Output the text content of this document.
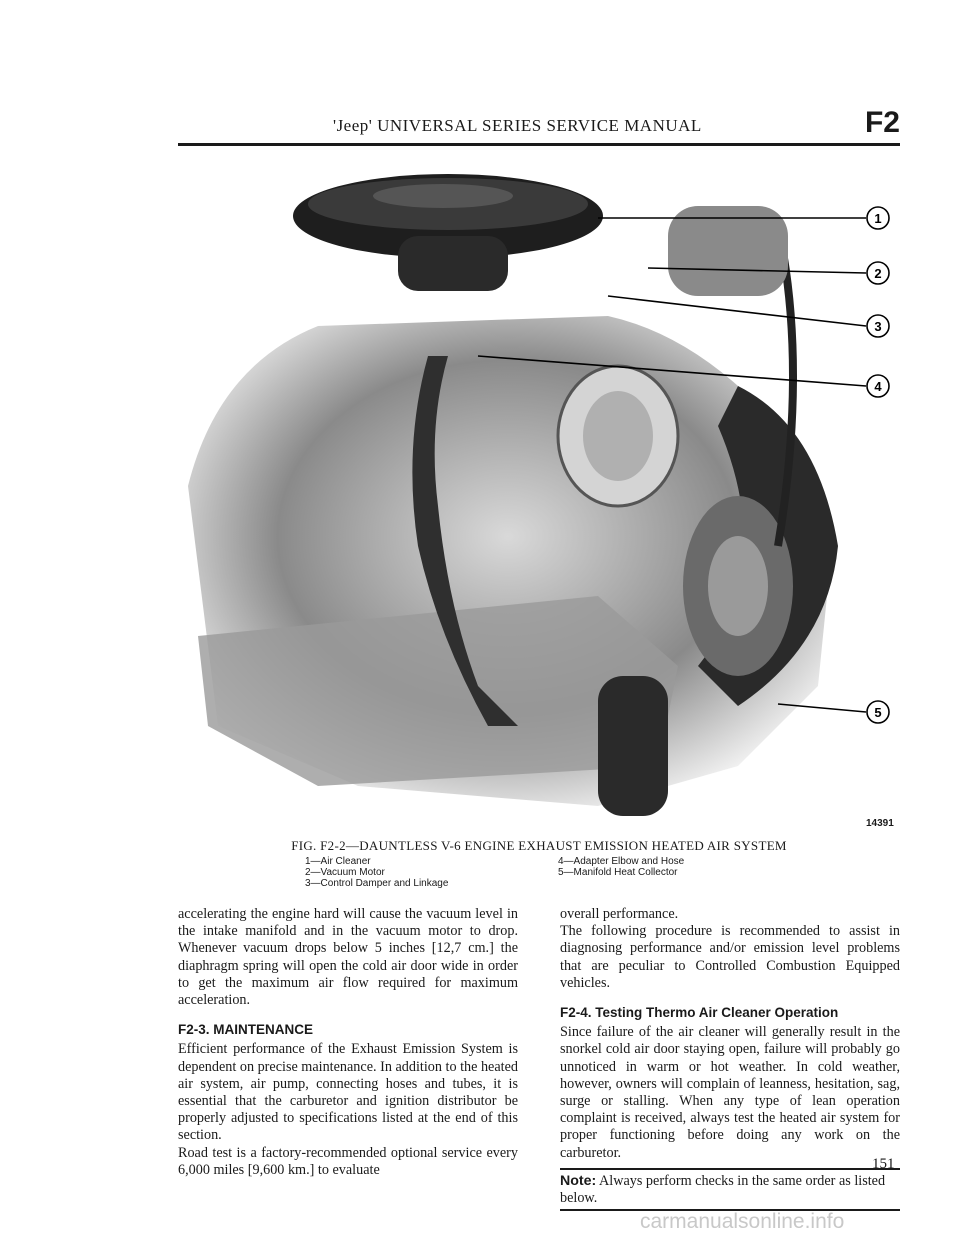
'Jeep' UNIVERSAL SERIES SERVICE MANUAL	F2
1
2
3
4
5
14391
FIG. F2-2—DAUNTLESS V-6 ENGINE EXHAUST EMISSION HEATED AIR SYSTEM
1—Air Cleaner
2—Vacuum Motor
3—Control Damper and Linkage
4—Adapter Elbow and Hose
5—Manifold Heat Collector

accelerating the engine hard will cause the vacuum level in the intake manifold and in the vacuum motor to drop. Whenever vacuum drops below 5 inches [12,7 cm.] the diaphragm spring will open the cold air door wide in order to get the maximum air flow required for maximum acceleration.

F2-3. MAINTENANCE

Efficient performance of the Exhaust Emission System is dependent on precise maintenance. In addition to the heated air system, air pump, connecting hoses and tubes, it is essential that the carburetor and ignition distributor be properly adjusted to specifications listed at the end of this section.

Road test is a factory-recommended optional service every 6,000 miles [9,600 km.] to evaluate

overall performance.

The following procedure is recommended to assist in diagnosing performance and/or emission level problems that are peculiar to Controlled Combustion Equipped vehicles.

F2-4. Testing Thermo Air Cleaner Operation

Since failure of the air cleaner will generally result in the snorkel cold air door staying open, failure will probably go unnoticed in warm or hot weather. In cold weather, however, owners will complain of leanness, hesitation, sag, surge or stalling. When any type of lean operation complaint is received, always test the heated air system for proper functioning before doing any work on the carburetor.

Note: Always perform checks in the same order as listed below.
151
carmanualsonline.info
